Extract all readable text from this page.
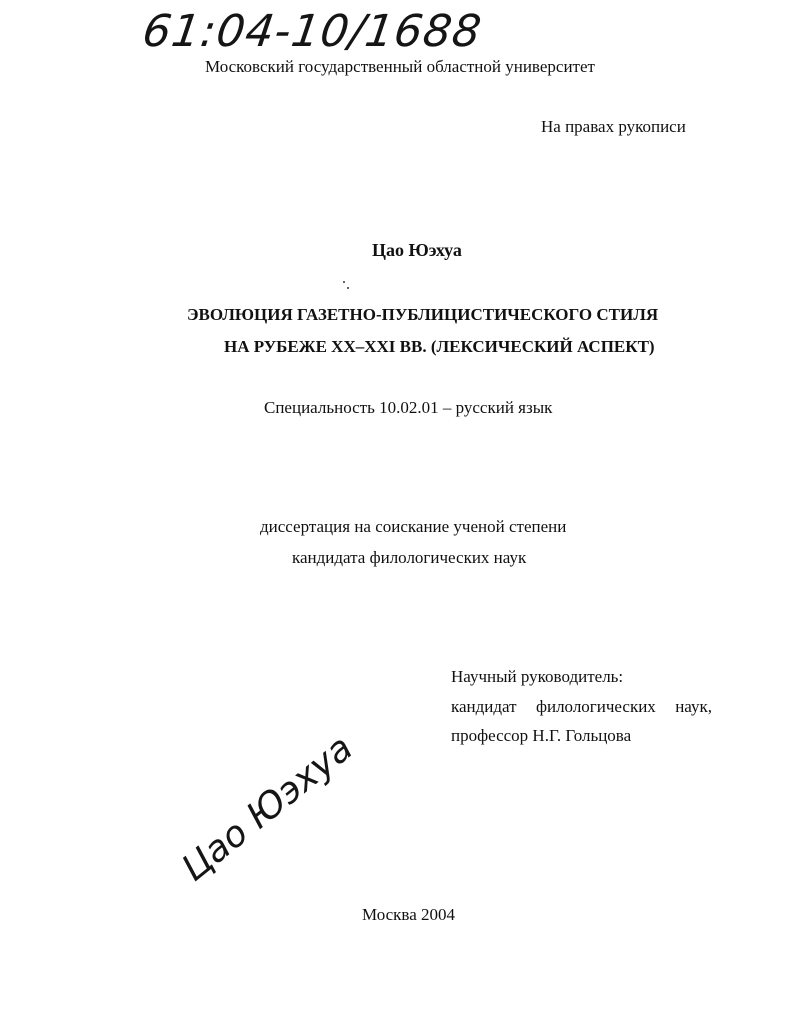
61:04-10/1688
Московский государственный областной университет
На правах рукописи
Цао Юэхуа
ЭВОЛЮЦИЯ ГАЗЕТНО-ПУБЛИЦИСТИЧЕСКОГО СТИЛЯ
НА РУБЕЖЕ XX–XXI ВВ. (ЛЕКСИЧЕСКИЙ АСПЕКТ)
Специальность 10.02.01 – русский язык
диссертация на соискание ученой степени
кандидата филологических наук
Научный руководитель:
кандидат филологических наук,
профессор Н.Г. Гольцова
Цао Юэхуа
Москва 2004
